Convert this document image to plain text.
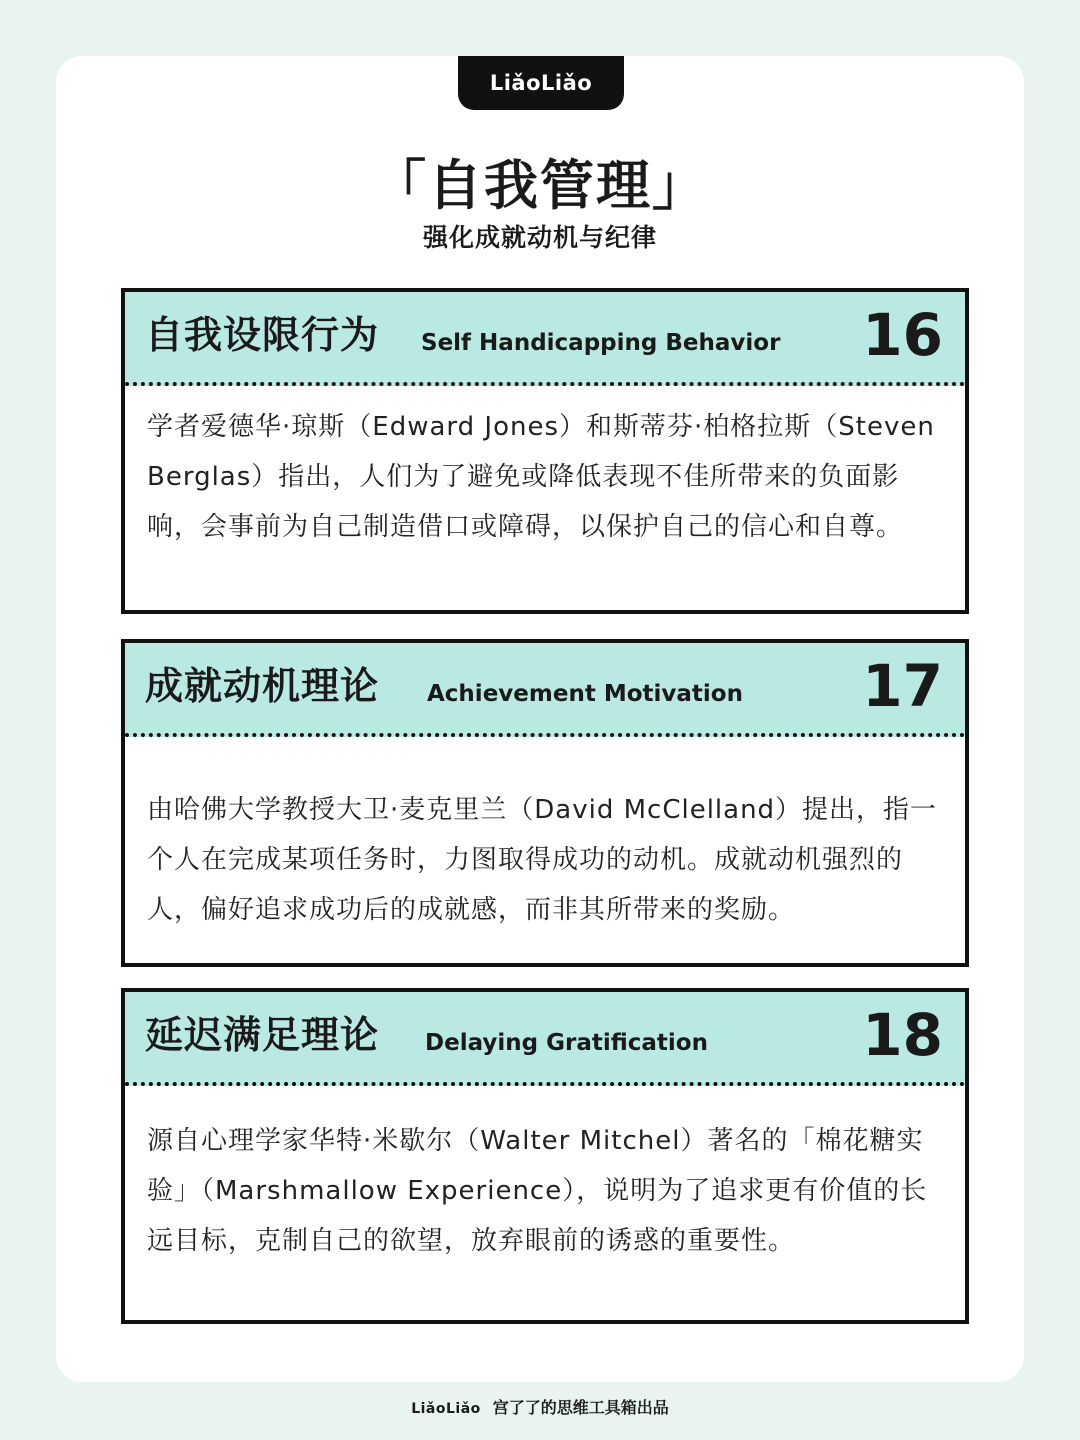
LiǎoLiǎo
「自我管理」
强化成就动机与纪律
自我设限行为 Self Handicapping Behavior 16
学者爱德华·琼斯（Edward Jones）和斯蒂芬·柏格拉斯（Steven Berglas）指出，人们为了避免或降低表现不佳所带来的负面影响，会事前为自己制造借口或障碍，以保护自己的信心和自尊。
成就动机理论 Achievement Motivation 17
由哈佛大学教授大卫·麦克里兰（David McClelland）提出，指一个人在完成某项任务时，力图取得成功的动机。成就动机强烈的人，偏好追求成功后的成就感，而非其所带来的奖励。
延迟满足理论 Delaying Gratification	18
源自心理学家华特·米歇尔（Walter Mitchel）著名的「棉花糖实验」（Marshmallow Experience），说明为了追求更有价值的长远目标，克制自己的欲望，放弃眼前的诱惑的重要性。
LiǎoLiǎo 宫了了的思维工具箱出品
